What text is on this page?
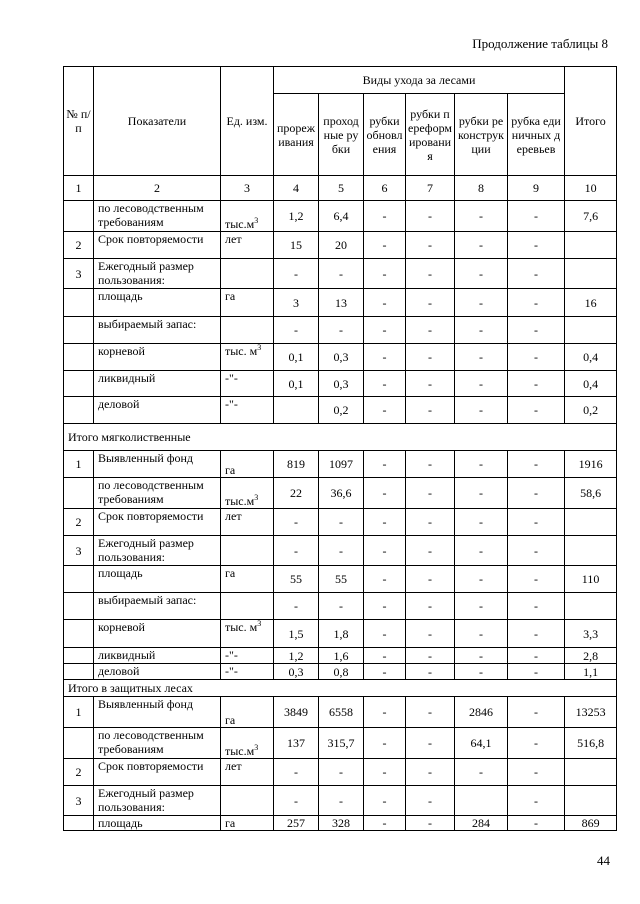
Продолжение таблицы 8
№ п/п	Показатели	Ед. изм.	Виды ухода за лесами						Итого
			прореживания	проходные рубки	рубки обновления	рубки переформирования	рубки реконструкции	рубка единичных деревьев	
1	2	3	4	5	6	7	8	9	10
	по лесоводственным требованиям	$тыс.м^3$	1,2	6,4	-	-	-	-	7,6
2	Срок повторяемости	лет	15	20	-	-	-	-	
3	Ежегодный размер пользования:		-	-	-	-	-	-	
	площадь	га	3	13	-	-	-	-	16
	выбираемый запас:		-	-	-	-	-	-	
	корневой	тыс. $м^3$	0,1	0,3	-	-	-	-	0,4
	ликвидный	-"-	0,1	0,3	-	-	-	-	0,4
	деловой	-"-		0,2	-	-	-	-	0,2
Итого мягколиственные									
1	Выявленный фонд	га	819	1097	-	-	-	-	1916
	по лесоводственным требованиям	$тыс.м^3$	22	36,6	-	-	-	-	58,6
2	Срок повторяемости	лет	-	-	-	-	-	-	
3	Ежегодный размер пользования:		-	-	-	-	-	-	
	площадь	га	55	55	-	-	-	-	110
	выбираемый запас:		-	-	-	-	-	-	
	корневой	тыс. $м^3$	1,5	1,8	-	-	-	-	3,3
	ликвидный	-"-	1,2	1,6	-	-	-	-	2,8
	деловой	-"-	0,3	0,8	-	-	-	-	1,1
Итого в защитных лесах									
1	Выявленный фонд	га	3849	6558	-	-	2846	-	13253
	по лесоводственным требованиям	$тыс.м^3$	137	315,7	-	-	64,1	-	516,8
2	Срок повторяемости	лет	-	-	-	-	-	-	
3	Ежегодный размер пользования:		-	-	-	-		-	
	площадь	га	257	328	-	-	284	-	869
44
